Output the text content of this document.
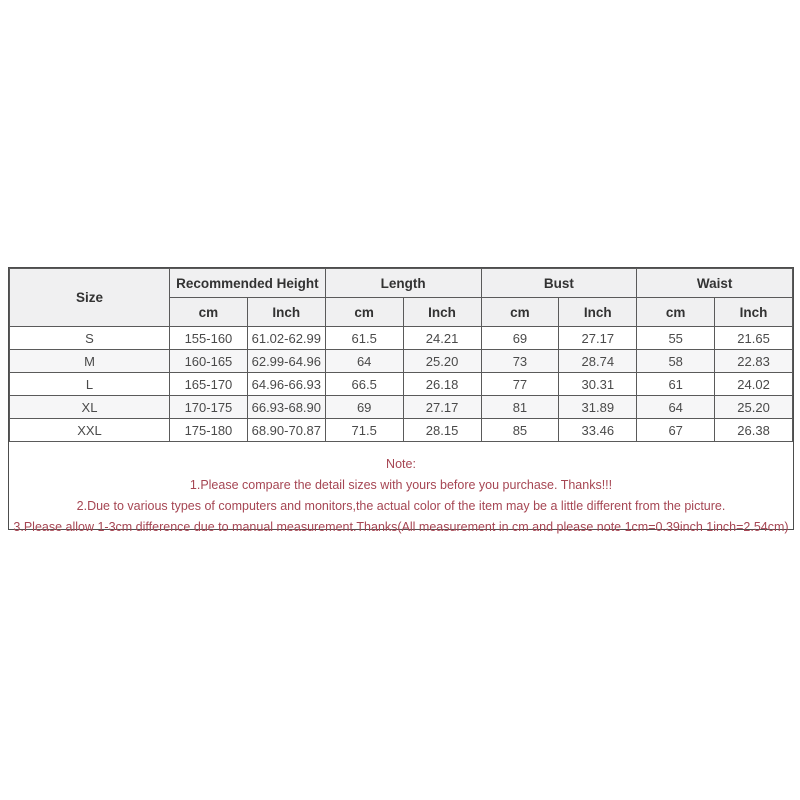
Size	Recommended Height		Length		Bust		Waist	
	cm	Inch	cm	Inch	cm	Inch	cm	Inch
S	155-160	61.02-62.99	61.5	24.21	69	27.17	55	21.65
M	160-165	62.99-64.96	64	25.20	73	28.74	58	22.83
L	165-170	64.96-66.93	66.5	26.18	77	30.31	61	24.02
XL	170-175	66.93-68.90	69	27.17	81	31.89	64	25.20
XXL	175-180	68.90-70.87	71.5	28.15	85	33.46	67	26.38
Note:
1.Please compare the detail sizes with yours before you purchase. Thanks!!!
2.Due to various types of computers and monitors,the actual color of the item may be a little different from the picture.
3.Please allow 1-3cm difference due to manual measurement.Thanks(All measurement in cm and please note 1cm=0.39inch 1inch=2.54cm)
